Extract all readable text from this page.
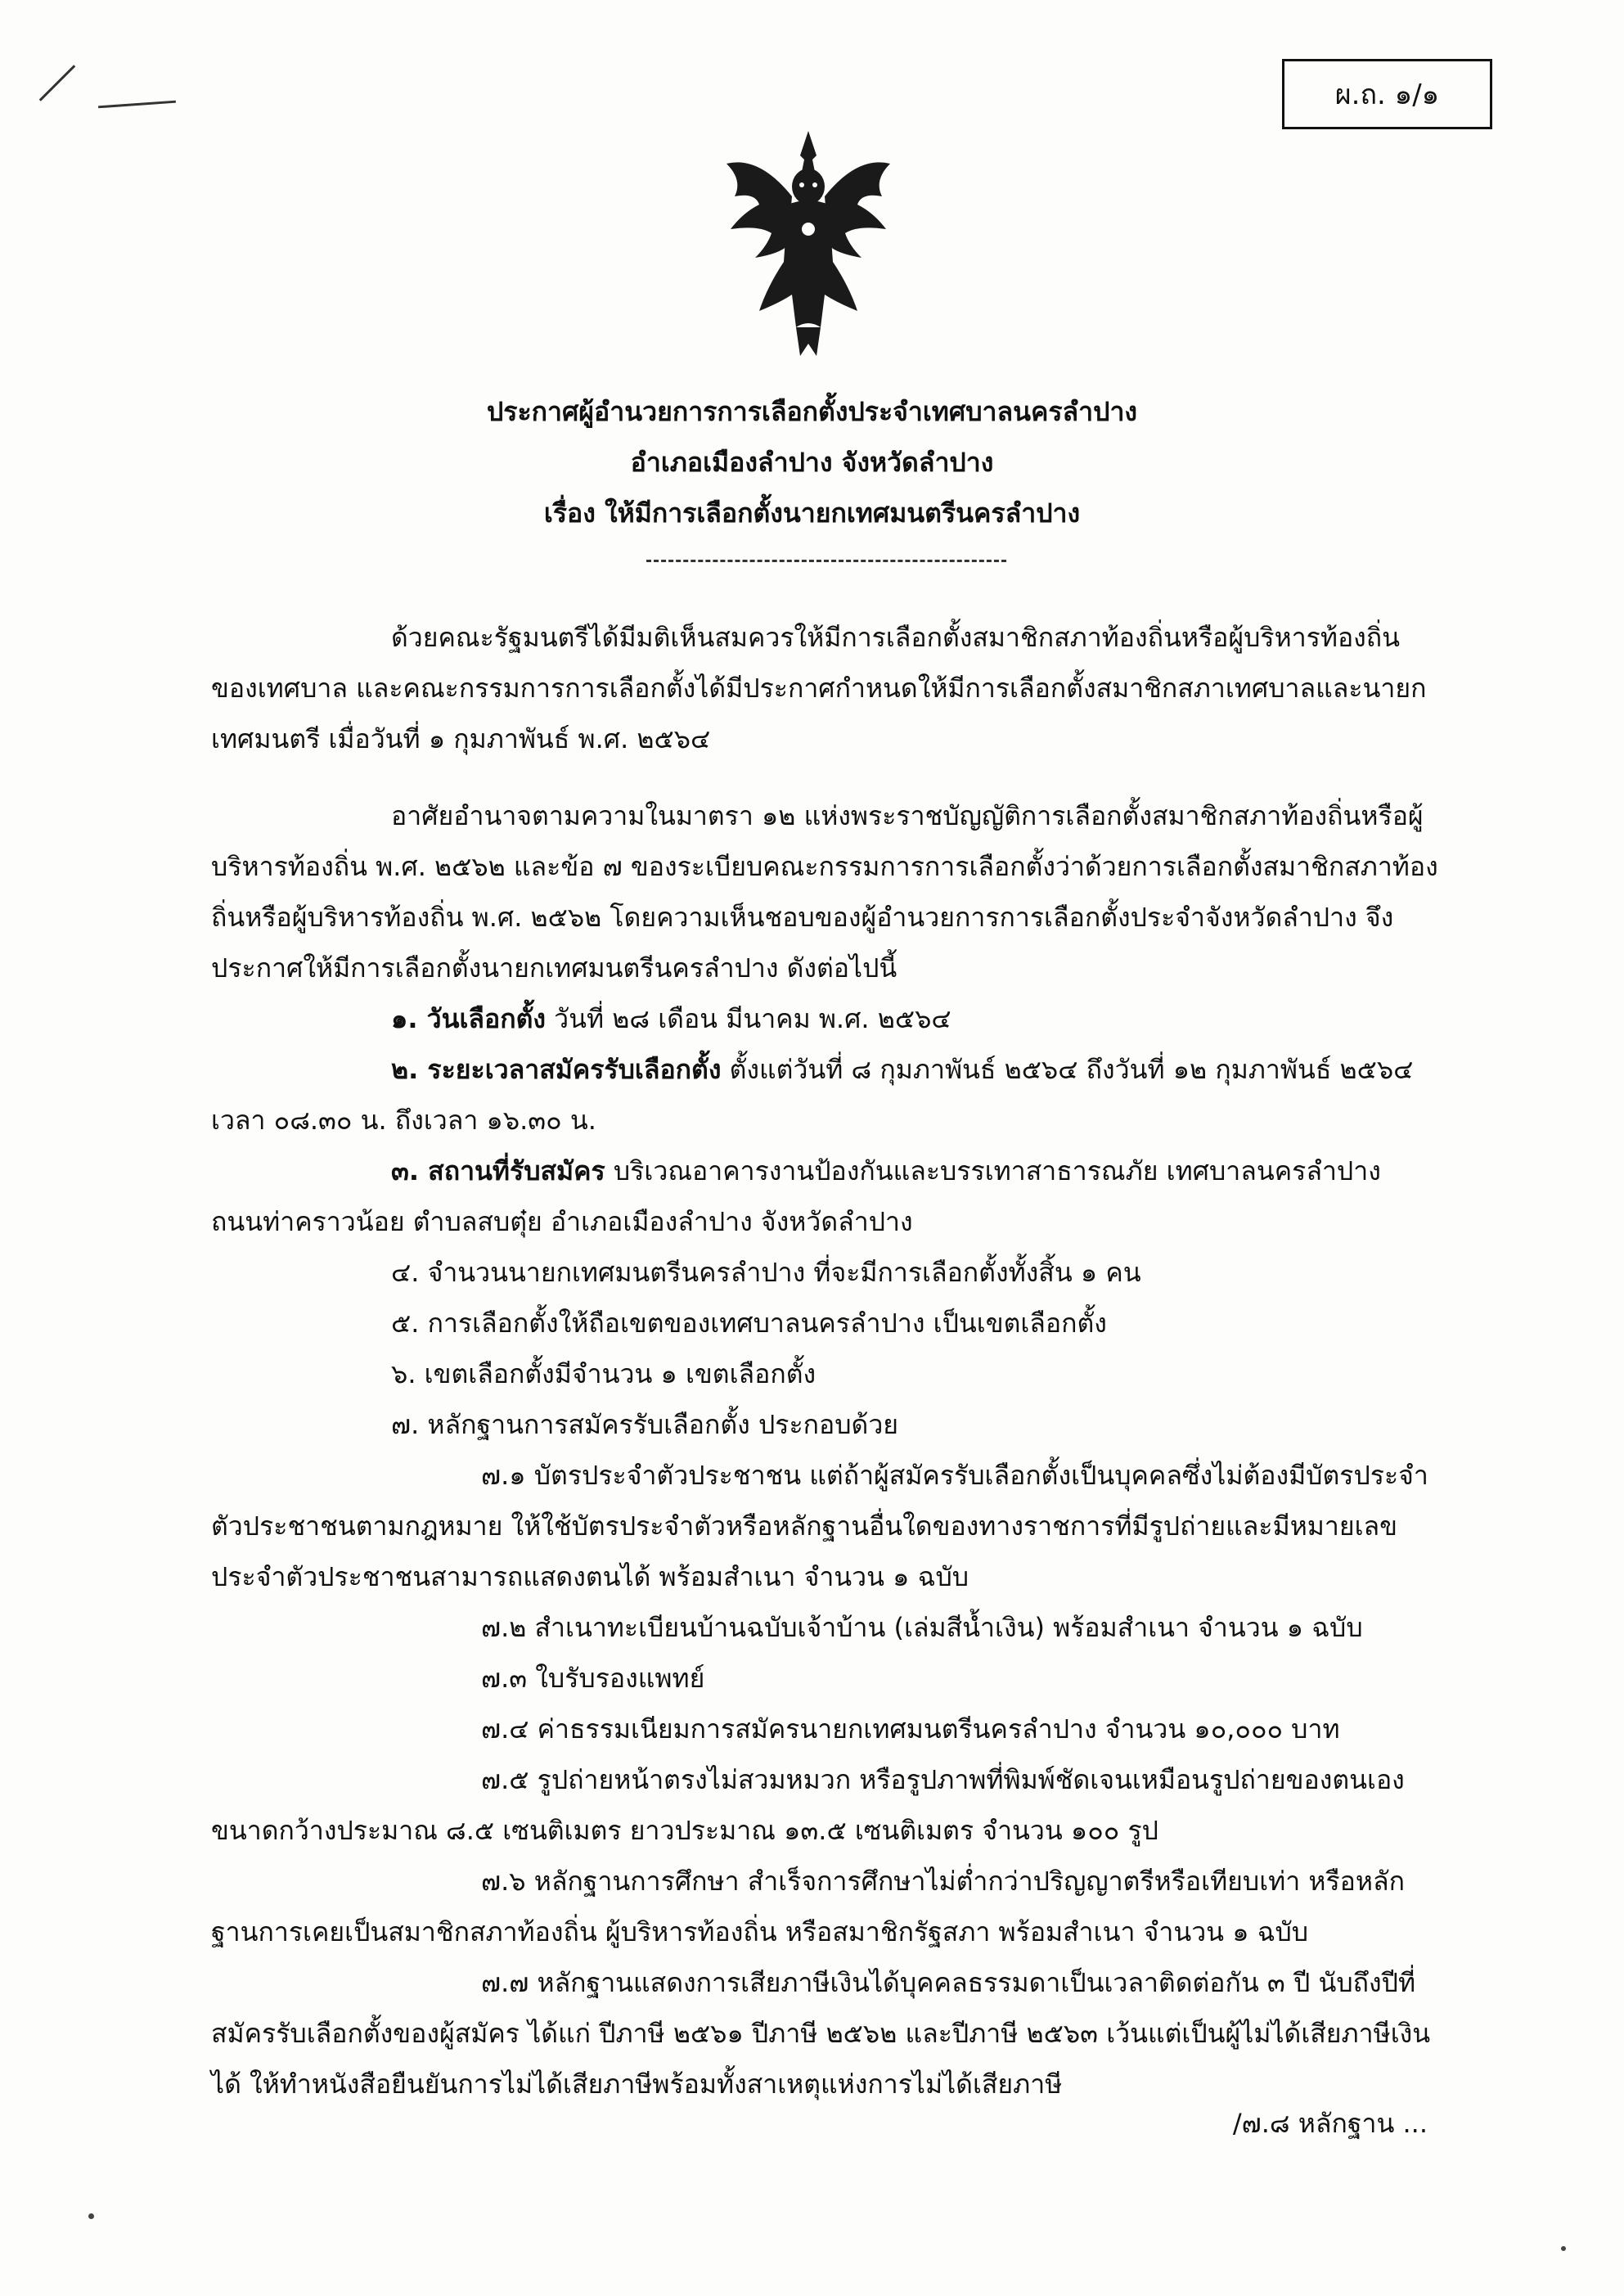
ผ.ถ. ๑/๑
ประกาศผู้อำนวยการการเลือกตั้งประจำเทศบาลนครลำปาง
อำเภอเมืองลำปาง จังหวัดลำปาง
เรื่อง ให้มีการเลือกตั้งนายกเทศมนตรีนครลำปาง

ด้วยคณะรัฐมนตรีได้มีมติเห็นสมควรให้มีการเลือกตั้งสมาชิกสภาท้องถิ่นหรือผู้บริหารท้องถิ่นของเทศบาล และคณะกรรมการการเลือกตั้งได้มีประกาศกำหนดให้มีการเลือกตั้งสมาชิกสภาเทศบาลและนายกเทศมนตรี เมื่อวันที่ ๑ กุมภาพันธ์ พ.ศ. ๒๕๖๔

อาศัยอำนาจตามความในมาตรา ๑๒ แห่งพระราชบัญญัติการเลือกตั้งสมาชิกสภาท้องถิ่นหรือผู้บริหารท้องถิ่น พ.ศ. ๒๕๖๒ และข้อ ๗ ของระเบียบคณะกรรมการการเลือกตั้งว่าด้วยการเลือกตั้งสมาชิกสภาท้องถิ่นหรือผู้บริหารท้องถิ่น พ.ศ. ๒๕๖๒ โดยความเห็นชอบของผู้อำนวยการการเลือกตั้งประจำจังหวัดลำปาง จึงประกาศให้มีการเลือกตั้งนายกเทศมนตรีนครลำปาง ดังต่อไปนี้

๑. วันเลือกตั้ง วันที่ ๒๘ เดือน มีนาคม พ.ศ. ๒๕๖๔

๒. ระยะเวลาสมัครรับเลือกตั้ง ตั้งแต่วันที่ ๘ กุมภาพันธ์ ๒๕๖๔ ถึงวันที่ ๑๒ กุมภาพันธ์ ๒๕๖๔ เวลา ๐๘.๓๐ น. ถึงเวลา ๑๖.๓๐ น.

๓. สถานที่รับสมัคร บริเวณอาคารงานป้องกันและบรรเทาสาธารณภัย เทศบาลนครลำปาง ถนนท่าคราวน้อย ตำบลสบตุ๋ย อำเภอเมืองลำปาง จังหวัดลำปาง

๔. จำนวนนายกเทศมนตรีนครลำปาง ที่จะมีการเลือกตั้งทั้งสิ้น ๑ คน

๕. การเลือกตั้งให้ถือเขตของเทศบาลนครลำปาง เป็นเขตเลือกตั้ง

๖. เขตเลือกตั้งมีจำนวน ๑ เขตเลือกตั้ง

๗. หลักฐานการสมัครรับเลือกตั้ง ประกอบด้วย

๗.๑ บัตรประจำตัวประชาชน แต่ถ้าผู้สมัครรับเลือกตั้งเป็นบุคคลซึ่งไม่ต้องมีบัตรประจำตัวประชาชนตามกฎหมาย ให้ใช้บัตรประจำตัวหรือหลักฐานอื่นใดของทางราชการที่มีรูปถ่ายและมีหมายเลขประจำตัวประชาชนสามารถแสดงตนได้ พร้อมสำเนา จำนวน ๑ ฉบับ

๗.๒ สำเนาทะเบียนบ้านฉบับเจ้าบ้าน (เล่มสีน้ำเงิน) พร้อมสำเนา จำนวน ๑ ฉบับ

๗.๓ ใบรับรองแพทย์

๗.๔ ค่าธรรมเนียมการสมัครนายกเทศมนตรีนครลำปาง จำนวน ๑๐,๐๐๐ บาท

๗.๕ รูปถ่ายหน้าตรงไม่สวมหมวก หรือรูปภาพที่พิมพ์ชัดเจนเหมือนรูปถ่ายของตนเอง ขนาดกว้างประมาณ ๘.๕ เซนติเมตร ยาวประมาณ ๑๓.๕ เซนติเมตร จำนวน ๑๐๐ รูป

๗.๖ หลักฐานการศึกษา สำเร็จการศึกษาไม่ต่ำกว่าปริญญาตรีหรือเทียบเท่า หรือหลักฐานการเคยเป็นสมาชิกสภาท้องถิ่น ผู้บริหารท้องถิ่น หรือสมาชิกรัฐสภา พร้อมสำเนา จำนวน ๑ ฉบับ

๗.๗ หลักฐานแสดงการเสียภาษีเงินได้บุคคลธรรมดาเป็นเวลาติดต่อกัน ๓ ปี นับถึงปีที่สมัครรับเลือกตั้งของผู้สมัคร ได้แก่ ปีภาษี ๒๕๖๑ ปีภาษี ๒๕๖๒ และปีภาษี ๒๕๖๓ เว้นแต่เป็นผู้ไม่ได้เสียภาษีเงินได้ ให้ทำหนังสือยืนยันการไม่ได้เสียภาษีพร้อมทั้งสาเหตุแห่งการไม่ได้เสียภาษี

/๗.๘ หลักฐาน ...
